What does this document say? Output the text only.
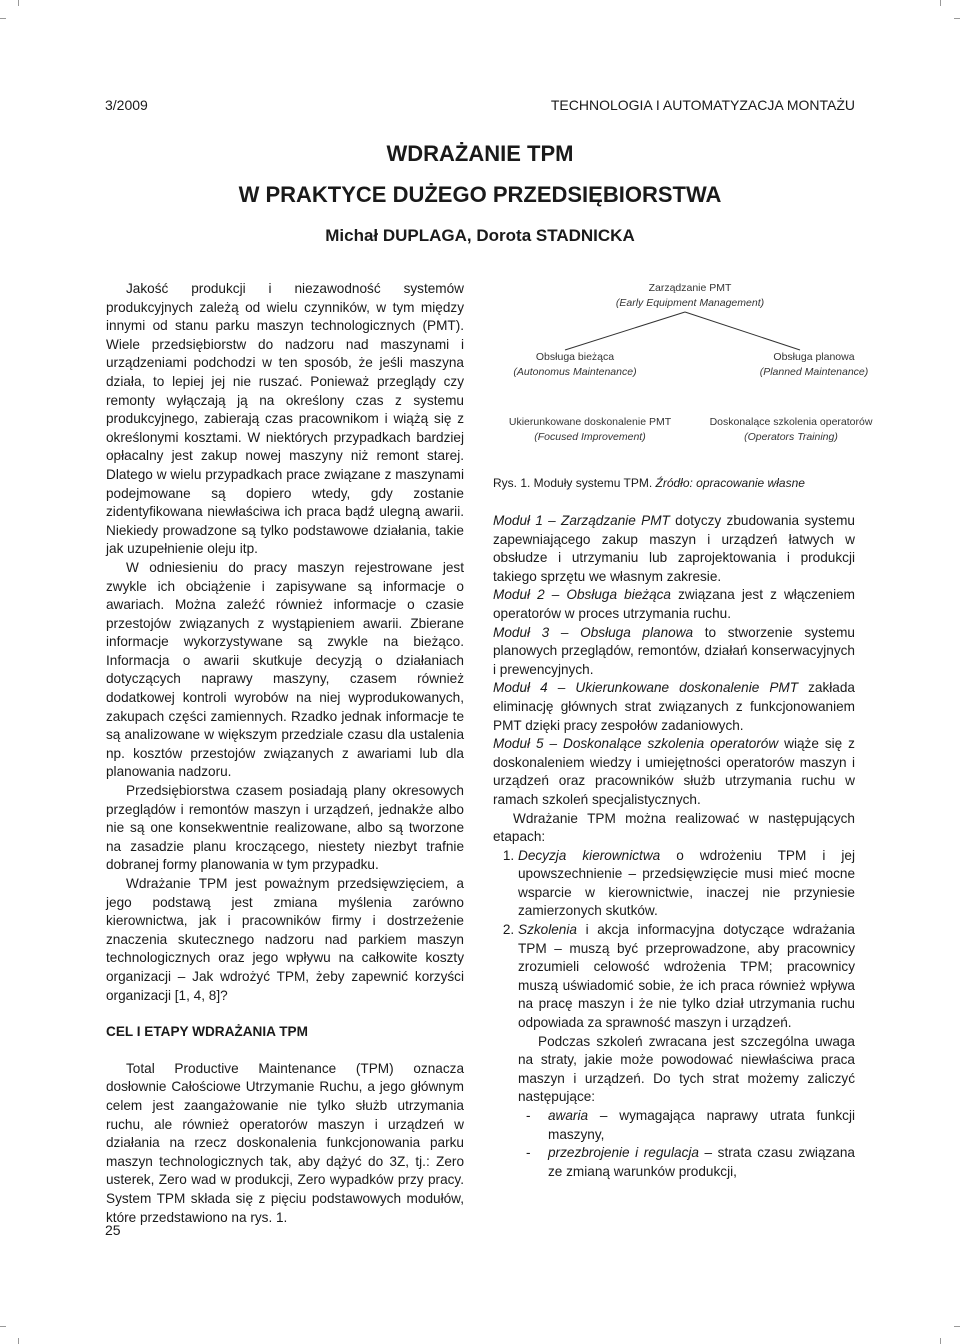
3/2009	TECHNOLOGIA I AUTOMATYZACJA MONTAŻU
WDRAŻANIE TPM
W PRAKTYCE DUŻEGO PRZEDSIĘBIORSTWA
Michał DUPLAGA, Dorota STADNICKA

Jakość produkcji i niezawodność systemów produkcyjnych zależą od wielu czynników, w tym między innymi od stanu parku maszyn technologicznych (PMT). Wiele przedsiębiorstw do nadzoru nad maszynami i urządzeniami podchodzi w ten sposób, że jeśli maszyna działa, to lepiej jej nie ruszać. Ponieważ przeglądy czy remonty wyłączają ją na określony czas z systemu produkcyjnego, zabierają czas pracownikom i wiążą się z określonymi kosztami. W niektórych przypadkach bardziej opłacalny jest zakup nowej maszyny niż remont starej. Dlatego w wielu przypadkach prace związane z maszynami podejmowane są dopiero wtedy, gdy zostanie zidentyfikowana niewłaściwa ich praca bądź ulegną awarii. Niekiedy prowadzone są tylko podstawowe działania, takie jak uzupełnienie oleju itp.

W odniesieniu do pracy maszyn rejestrowane jest zwykle ich obciążenie i zapisywane są informacje o awariach. Można zaleźć również informacje o czasie przestojów związanych z wystąpieniem awarii. Zbierane informacje wykorzystywane są zwykle na bieżąco. Informacja o awarii skutkuje decyzją o działaniach dotyczących naprawy maszyny, czasem również dodatkowej kontroli wyrobów na niej wyprodukowanych, zakupach części zamiennych. Rzadko jednak informacje te są analizowane w większym przedziale czasu dla ustalenia np. kosztów przestojów związanych z awariami lub dla planowania nadzoru.

Przedsiębiorstwa czasem posiadają plany okresowych przeglądów i remontów maszyn i urządzeń, jednakże albo nie są one konsekwentnie realizowane, albo są tworzone na zasadzie planu kroczącego, niestety niezbyt trafnie dobranej formy planowania w tym przypadku.

Wdrażanie TPM jest poważnym przedsięwzięciem, a jego podstawą jest zmiana myślenia zarówno kierownictwa, jak i pracowników firmy i dostrzeżenie znaczenia skutecznego nadzoru nad parkiem maszyn technologicznych oraz jego wpływu na całkowite koszty organizacji – Jak wdrożyć TPM, żeby zapewnić korzyści organizacji [1, 4, 8]?

CEL I ETAPY WDRAŻANIA TPM

Total Productive Maintenance (TPM) oznacza dosłownie Całościowe Utrzymanie Ruchu, a jego głównym celem jest zaangażowanie nie tylko służb utrzymania ruchu, ale również operatorów maszyn i urządzeń w działania na rzecz doskonalenia funkcjonowania parku maszyn technologicznych tak, aby dążyć do 3Z, tj.: Zero usterek, Zero wad w produkcji, Zero wypadków przy pracy. System TPM składa się z pięciu podstawowych modułów, które przedstawiono na rys. 1.

Zarządzanie PMT
(Early Equipment Management)
Obsługa bieżąca
(Autonomus Maintenance)
Obsługa planowa
(Planned Maintenance)
Ukierunkowane doskonalenie PMT
(Focused Improvement)
Doskonalące szkolenia operatorów
(Operators Training)
Rys. 1. Moduły systemu TPM. Źródło: opracowanie własne

Moduł 1 – Zarządzanie PMT dotyczy zbudowania systemu zapewniającego zakup maszyn i urządzeń łatwych w obsłudze i utrzymaniu lub zaprojektowania i produkcji takiego sprzętu we własnym zakresie.

Moduł 2 – Obsługa bieżąca związana jest z włączeniem operatorów w proces utrzymania ruchu.

Moduł 3 – Obsługa planowa to stworzenie systemu planowych przeglądów, remontów, działań konserwacyjnych i prewencyjnych.

Moduł 4 – Ukierunkowane doskonalenie PMT zakłada eliminację głównych strat związanych z funkcjonowaniem PMT dzięki pracy zespołów zadaniowych.

Moduł 5 – Doskonalące szkolenia operatorów wiąże się z doskonaleniem wiedzy i umiejętności operatorów maszyn i urządzeń oraz pracowników służb utrzymania ruchu w ramach szkoleń specjalistycznych.

Wdrażanie TPM można realizować w następujących etapach:

1. Decyzja kierownictwa o wdrożeniu TPM i jej upowszechnienie – przedsięwzięcie musi mieć mocne wsparcie w kierownictwie, inaczej nie przyniesie zamierzonych skutków.
2. Szkolenia i akcja informacyjna dotyczące wdrażania TPM – muszą być przeprowadzone, aby pracownicy zrozumieli celowość wdrożenia TPM; pracownicy muszą uświadomić sobie, że ich praca również wpływa na pracę maszyn i że nie tylko dział utrzymania ruchu odpowiada za sprawność maszyn i urządzeń.

Podczas szkoleń zwracana jest szczególna uwaga na straty, jakie może powodować niewłaściwa praca maszyn i urządzeń. Do tych strat możemy zaliczyć następujące:

- awaria – wymagająca naprawy utrata funkcji maszyny,
- przezbrojenie i regulacja – strata czasu związana ze zmianą warunków produkcji,
25
